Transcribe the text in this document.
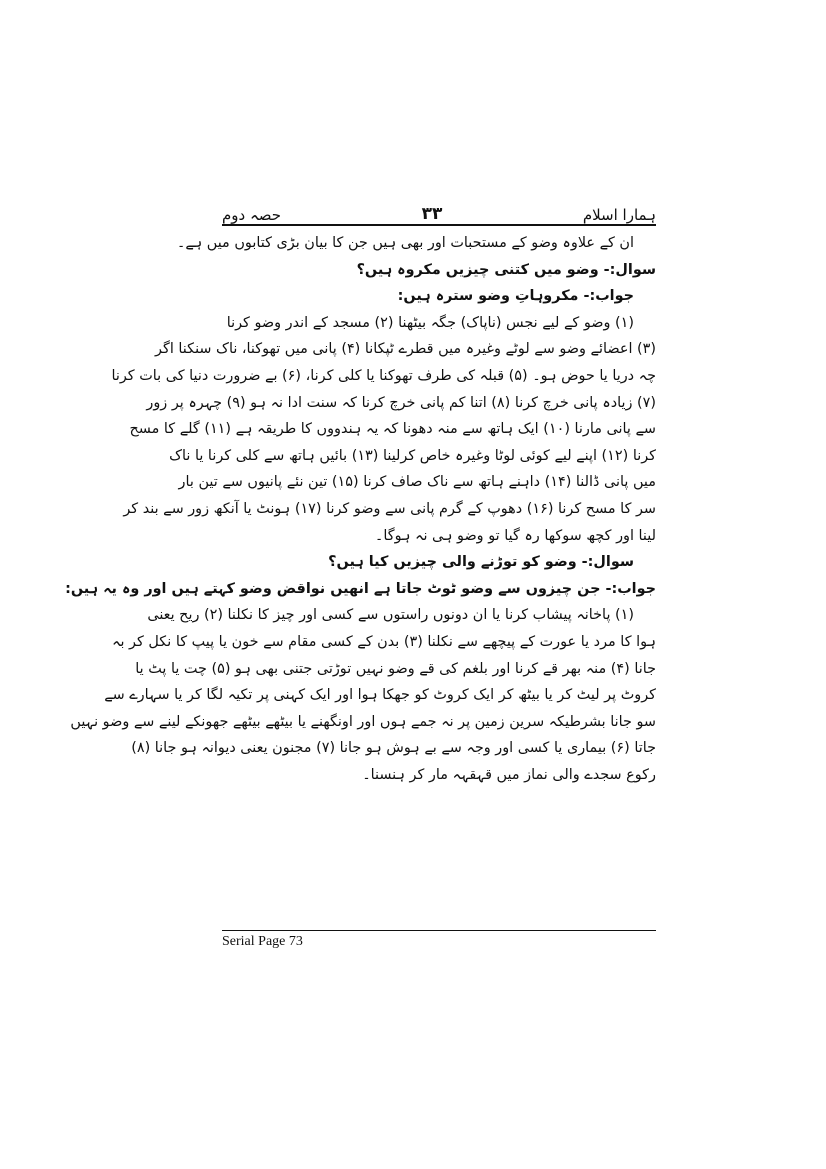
ہمارا اسلام
۳۳
حصہ دوم
ان کے علاوہ وضو کے مستحبات اور بھی ہیں جن کا بیان بڑی کتابوں میں ہے۔
سوال:- وضو میں کتنی چیزیں مکروہ ہیں؟
جواب:- مکروہاتِ وضو سترہ ہیں:
(۱) وضو کے لیے نجس (ناپاک) جگہ بیٹھنا (۲) مسجد کے اندر وضو کرنا
(۳) اعضائے وضو سے لوٹے وغیرہ میں قطرے ٹپکانا (۴) پانی میں تھوکنا، ناک سنکنا اگر
چہ دریا یا حوض ہو۔ (۵) قبلہ کی طرف تھوکنا یا کلی کرنا، (۶) بے ضرورت دنیا کی بات کرنا
(۷) زیادہ پانی خرچ کرنا (۸) اتنا کم پانی خرچ کرنا کہ سنت ادا نہ ہو (۹) چہرہ پر زور
سے پانی مارنا (۱۰) ایک ہاتھ سے منہ دھونا کہ یہ ہندووں کا طریقہ ہے (۱۱) گلے کا مسح
کرنا (۱۲) اپنے لیے کوئی لوٹا وغیرہ خاص کرلینا (۱۳) بائیں ہاتھ سے کلی کرنا یا ناک
میں پانی ڈالنا (۱۴) داہنے ہاتھ سے ناک صاف کرنا (۱۵) تین نئے پانیوں سے تین بار
سر کا مسح کرنا (۱۶) دھوپ کے گرم پانی سے وضو کرنا (۱۷) ہونٹ یا آنکھ زور سے بند کر
لینا اور کچھ سوکھا رہ گیا تو وضو ہی نہ ہوگا۔
سوال:- وضو کو توڑنے والی چیزیں کیا ہیں؟
جواب:- جن چیزوں سے وضو ٹوٹ جاتا ہے انھیں نواقض وضو کہتے ہیں اور وہ یہ ہیں:
(۱) پاخانہ پیشاب کرنا یا ان دونوں راستوں سے کسی اور چیز کا نکلنا (۲) ریح یعنی
ہوا کا مرد یا عورت کے پیچھے سے نکلنا (۳) بدن کے کسی مقام سے خون یا پیپ کا نکل کر بہ
جانا (۴) منہ بھر قے کرنا اور بلغم کی قے وضو نہیں توڑتی جتنی بھی ہو (۵) چت یا پٹ یا
کروٹ پر لیٹ کر یا بیٹھ کر ایک کروٹ کو جھکا ہوا اور ایک کہنی پر تکیہ لگا کر یا سہارے سے
سو جانا بشرطیکہ سرین زمین پر نہ جمے ہوں اور اونگھنے یا بیٹھے بیٹھے جھونکے لینے سے وضو نہیں
جاتا (۶) بیماری یا کسی اور وجہ سے بے ہوش ہو جانا (۷) مجنون یعنی دیوانہ ہو جانا (۸)
رکوع سجدے والی نماز میں قہقہہ مار کر ہنسنا۔
Serial Page 73
